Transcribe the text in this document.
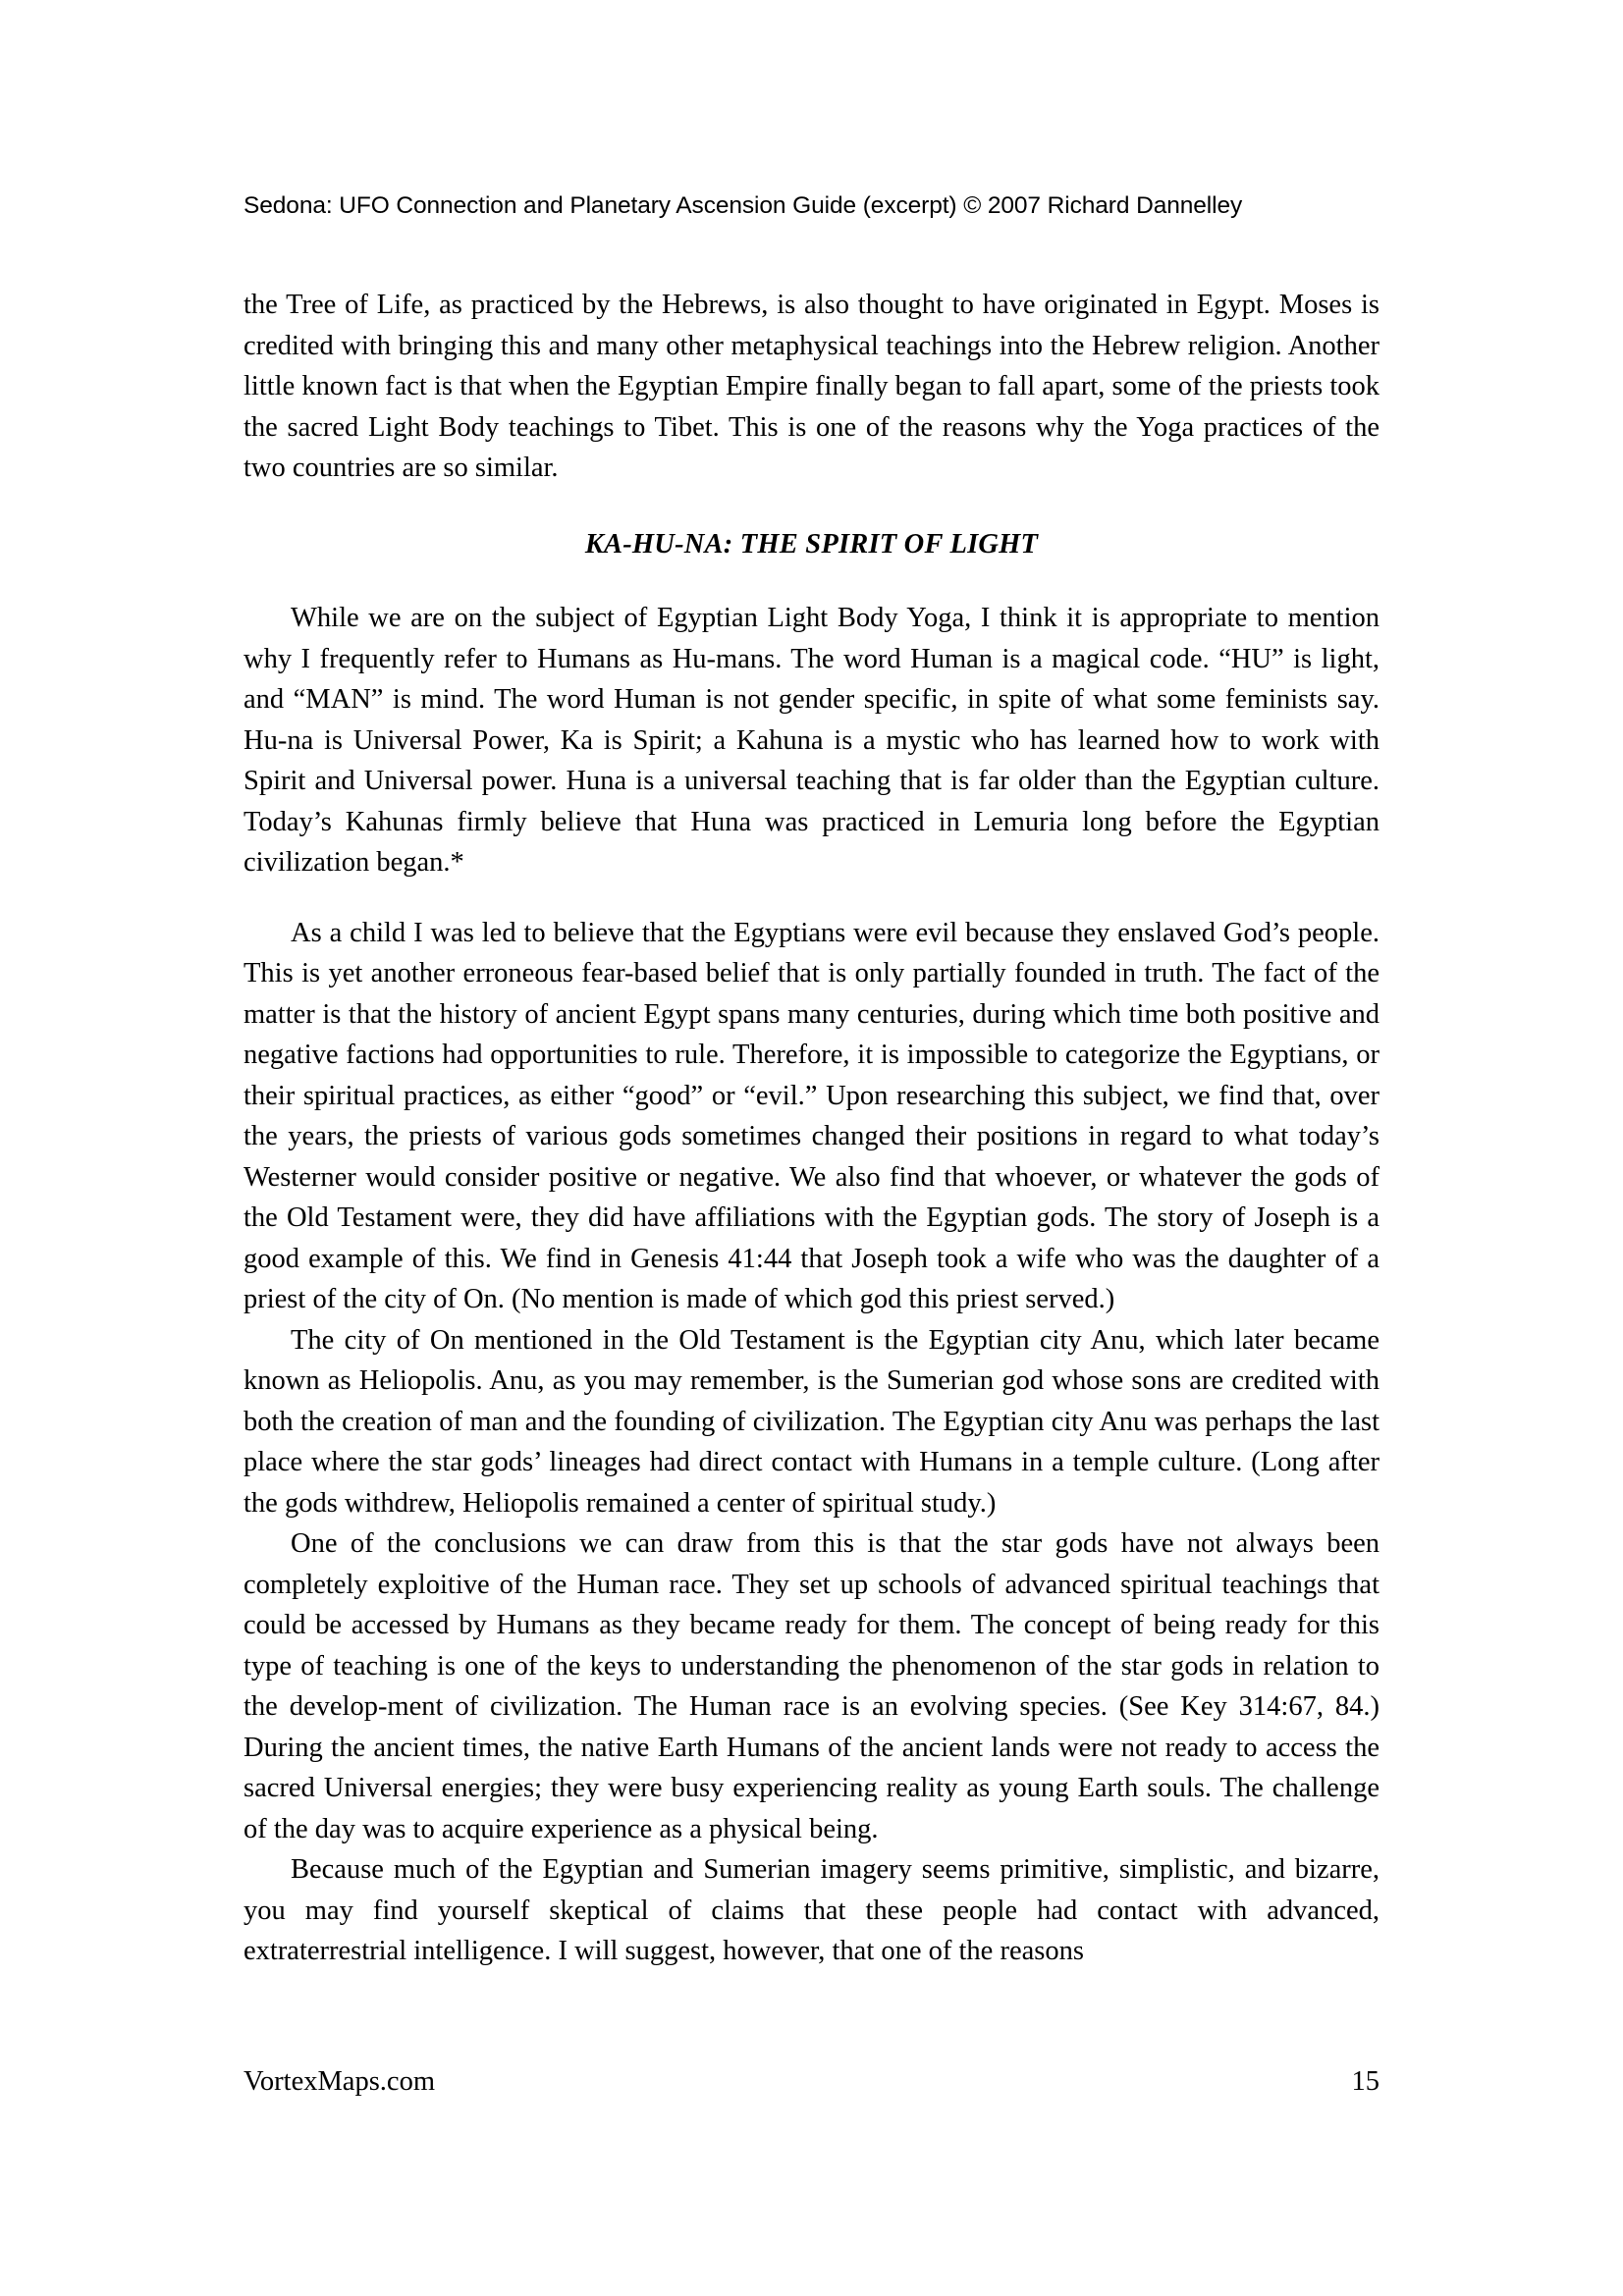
Sedona: UFO Connection and Planetary Ascension Guide (excerpt) © 2007 Richard Dannelley

the Tree of Life, as practiced by the Hebrews, is also thought to have originated in Egypt. Moses is credited with bringing this and many other metaphysical teachings into the Hebrew religion. Another little known fact is that when the Egyptian Empire finally began to fall apart, some of the priests took the sacred Light Body teachings to Tibet. This is one of the reasons why the Yoga practices of the two countries are so similar.

KA-HU-NA: THE SPIRIT OF LIGHT

While we are on the subject of Egyptian Light Body Yoga, I think it is appropriate to mention why I frequently refer to Humans as Hu-mans. The word Human is a magical code. “HU” is light, and “MAN” is mind. The word Human is not gender specific, in spite of what some feminists say. Hu-na is Universal Power, Ka is Spirit; a Kahuna is a mystic who has learned how to work with Spirit and Universal power. Huna is a universal teaching that is far older than the Egyptian culture. Today’s Kahunas firmly believe that Huna was practiced in Lemuria long before the Egyptian civilization began.*

As a child I was led to believe that the Egyptians were evil because they enslaved God’s people. This is yet another erroneous fear-based belief that is only partially founded in truth. The fact of the matter is that the history of ancient Egypt spans many centuries, during which time both positive and negative factions had opportunities to rule. Therefore, it is impossible to categorize the Egyptians, or their spiritual practices, as either “good” or “evil.” Upon researching this subject, we find that, over the years, the priests of various gods sometimes changed their positions in regard to what today’s Westerner would consider positive or negative. We also find that whoever, or whatever the gods of the Old Testament were, they did have affiliations with the Egyptian gods. The story of Joseph is a good example of this. We find in Genesis 41:44 that Joseph took a wife who was the daughter of a priest of the city of On. (No mention is made of which god this priest served.)

The city of On mentioned in the Old Testament is the Egyptian city Anu, which later became known as Heliopolis. Anu, as you may remember, is the Sumerian god whose sons are credited with both the creation of man and the founding of civilization. The Egyptian city Anu was perhaps the last place where the star gods’ lineages had direct contact with Humans in a temple culture. (Long after the gods withdrew, Heliopolis remained a center of spiritual study.)

One of the conclusions we can draw from this is that the star gods have not always been completely exploitive of the Human race. They set up schools of advanced spiritual teachings that could be accessed by Humans as they became ready for them. The concept of being ready for this type of teaching is one of the keys to understanding the phenomenon of the star gods in relation to the develop-ment of civilization. The Human race is an evolving species. (See Key 314:67, 84.) During the ancient times, the native Earth Humans of the ancient lands were not ready to access the sacred Universal energies; they were busy experiencing reality as young Earth souls. The challenge of the day was to acquire experience as a physical being.

Because much of the Egyptian and Sumerian imagery seems primitive, simplistic, and bizarre, you may find yourself skeptical of claims that these people had contact with advanced, extraterrestrial intelligence. I will suggest, however, that one of the reasons

VortexMaps.com	15
